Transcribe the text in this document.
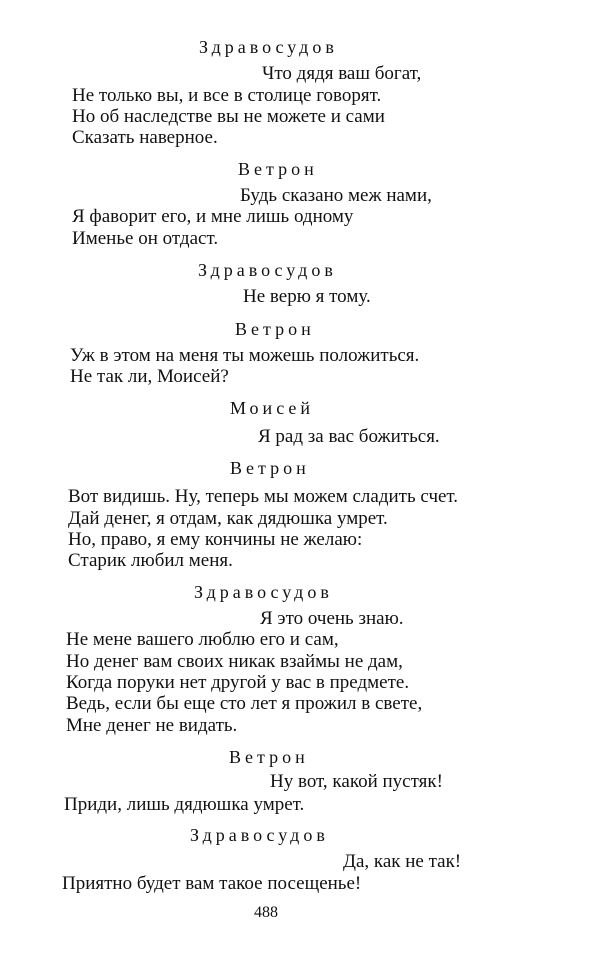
Здравосудов
Что дядя ваш богат,
Не только вы, и все в столице говорят.
Но об наследстве вы не можете и сами
Сказать наверное.
Ветрон
Будь сказано меж нами,
Я фаворит его, и мне лишь одному
Именье он отдаст.
Здравосудов
Не верю я тому.
Ветрон
Уж в этом на меня ты можешь положиться.
Не так ли, Моисей?
Моисей
Я рад за вас божиться.
Ветрон
Вот видишь. Ну, теперь мы можем сладить счет.
Дай денег, я отдам, как дядюшка умрет.
Но, право, я ему кончины не желаю:
Старик любил меня.
Здравосудов
Я это очень знаю.
Не мене вашего люблю его и сам,
Но денег вам своих никак взаймы не дам,
Когда поруки нет другой у вас в предмете.
Ведь, если бы еще сто лет я прожил в свете,
Мне денег не видать.
Ветрон
Ну вот, какой пустяк!
Приди, лишь дядюшка умрет.
Здравосудов
Да, как не так!
Приятно будет вам такое посещенье!
488
